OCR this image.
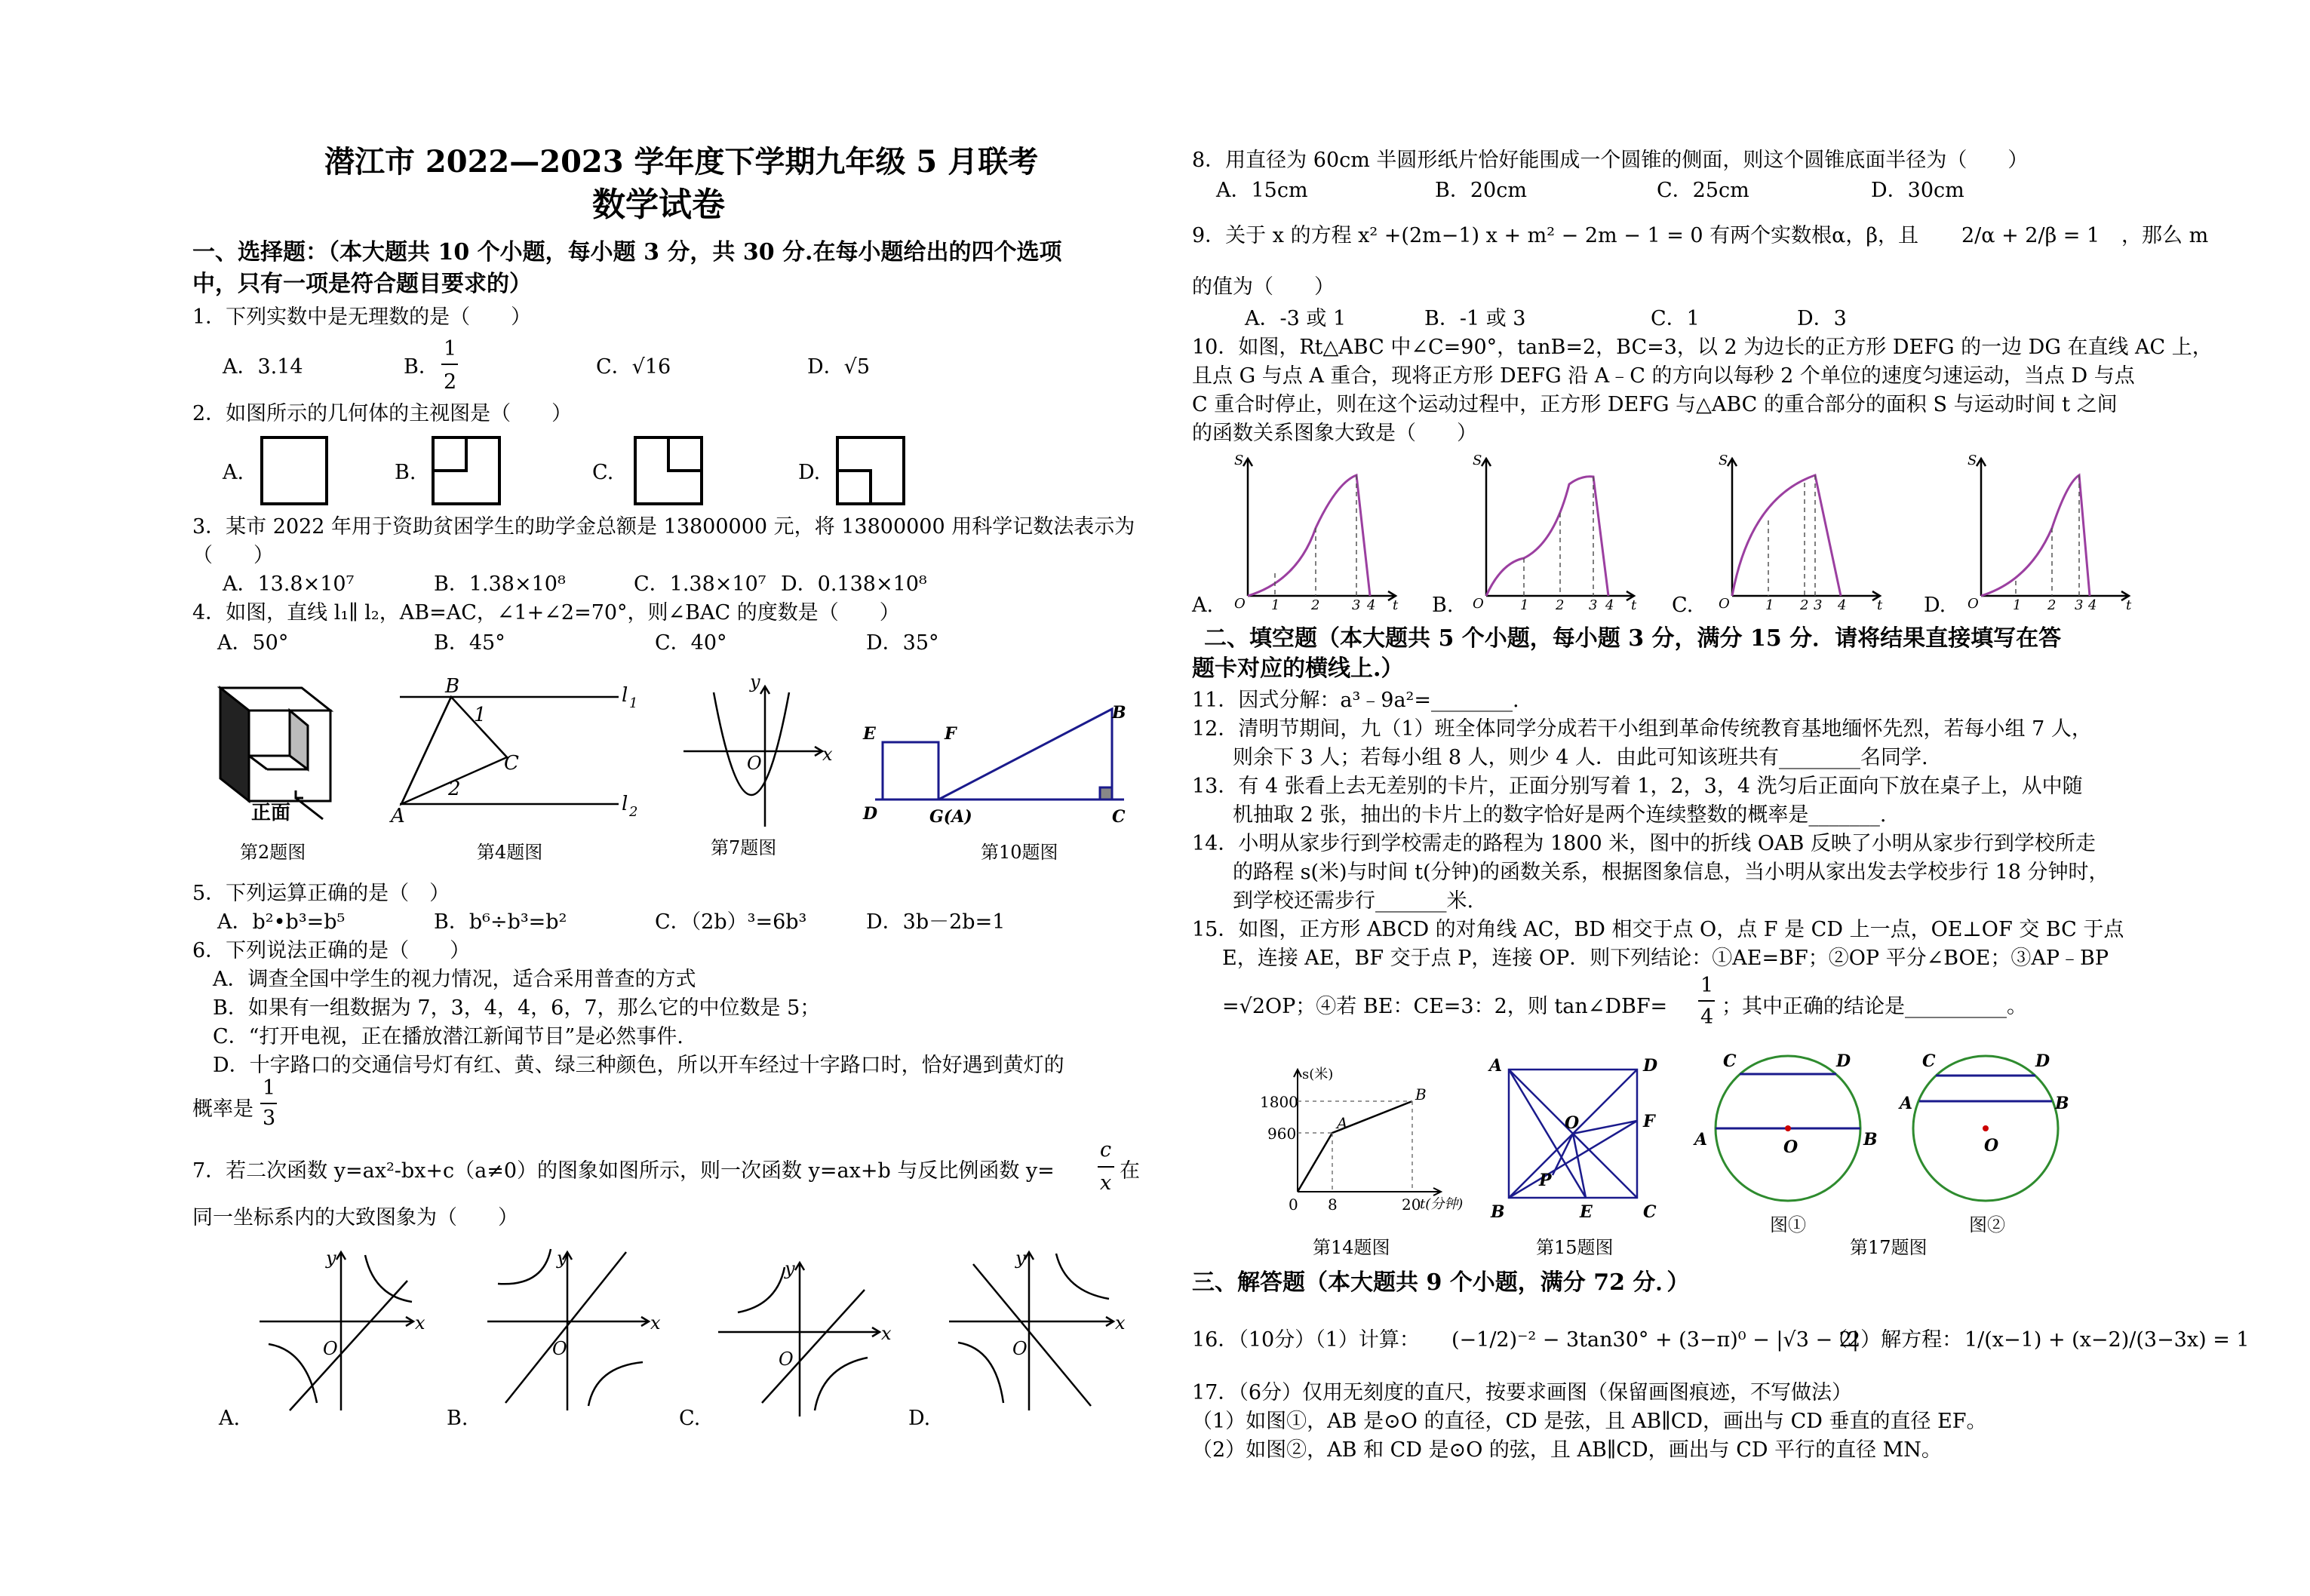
潜江市 2022—2023 学年度下学期九年级 5 月联考
数学试卷
一、选择题：（本大题共 10 个小题，每小题 3 分，共 30 分.在每小题给出的四个选项
中，只有一项是符合题目要求的）
1．下列实数中是无理数的是（　　）
A．3.14	B．
1
2
C．√16	D．√5
2．如图所示的几何体的主视图是（　　）
A.	B.	C.	D.
3．某市 2022 年用于资助贫困学生的助学金总额是 13800000 元，将 13800000 用科学记数法表示为
（　　）
A．13.8×10⁷	B．1.38×10⁸	C．1.38×10⁷ D．0.138×10⁸
4．如图，直线 l₁∥ l₂，AB=AC，∠1+∠2=70°，则∠BAC 的度数是（　　）
A．50°	B．45°	C．40°	D．35°
正面
B
1
C
2
A
l 1
l 2
y
O	x
E	F
B
D	G(A)	C
第2题图	第4题图	第7题图	第10题图
5．下列运算正确的是（　）
A．b²•b³=b⁵	B．b⁶÷b³=b²	C．（2b）³=6b³	D．3b－2b=1
6．下列说法正确的是（　　）
A．调查全国中学生的视力情况，适合采用普查的方式
B．如果有一组数据为 7，3，4，4，6，7，那么它的中位数是 5；
C．“打开电视，正在播放潜江新闻节目”是必然事件.
D．十字路口的交通信号灯有红、黄、绿三种颜色，所以开车经过十字路口时，恰好遇到黄灯的
概率是
1
3
7．若二次函数 y=ax²-bx+c（a≠0）的图象如图所示，则一次函数 y=ax+b 与反比例函数 y=
c
x
在
同一坐标系内的大致图象为（　　）
y
x
O
y
x
O
y
x
O
y
x
O
A.	B.	C.	D.
8．用直径为 60cm 半圆形纸片恰好能围成一个圆锥的侧面，则这个圆锥底面半径为（　　）
A．15cm	B．20cm	C．25cm	D．30cm
9．关于 x 的方程 x² +(2m−1) x + m² − 2m − 1 = 0 有两个实数根α，β，且 2/α + 2/β = 1 ，那么 m
的值为（　　）
A．-3 或 1	B．-1 或 3	C．1	D．3
10．如图，Rt△ABC 中∠C=90°，tanB=2，BC=3，以 2 为边长的正方形 DEFG 的一边 DG 在直线 AC 上，
且点 G 与点 A 重合，现将正方形 DEFG 沿 A﹣C 的方向以每秒 2 个单位的速度匀速运动，当点 D 与点
C 重合时停止，则在这个运动过程中，正方形 DEFG 与△ABC 的重合部分的面积 S 与运动时间 t 之间
的函数关系图象大致是（　　）
S
O 1 2 3 4 t
S
O	1 2 3 4 t
S
O	1 2 3 4 t
S
O	1 2 3 4 t
A.	B.	C.	D.
二、填空题（本大题共 5 个小题，每小题 3 分，满分 15 分．请将结果直接填写在答
题卡对应的横线上.）
11．因式分解：a³﹣9a²=________.
12．清明节期间，九（1）班全体同学分成若干小组到革命传统教育基地缅怀先烈，若每小组 7 人，
则余下 3 人；若每小组 8 人，则少 4 人．由此可知该班共有________名同学.
13．有 4 张看上去无差别的卡片，正面分别写着 1，2，3，4 洗匀后正面向下放在桌子上，从中随
机抽取 2 张，抽出的卡片上的数字恰好是两个连续整数的概率是_______.
14．小明从家步行到学校需走的路程为 1800 米，图中的折线 OAB 反映了小明从家步行到学校所走
的路程 s(米)与时间 t(分钟)的函数关系，根据图象信息，当小明从家出发去学校步行 18 分钟时，
到学校还需步行_______米.
15．如图，正方形 ABCD 的对角线 AC，BD 相交于点 O，点 F 是 CD 上一点，OE⊥OF 交 BC 于点
E，连接 AE，BF 交于点 P，连接 OP．则下列结论：①AE=BF；②OP 平分∠BOE；③AP﹣BP
=√2OP；④若 BE：CE=3：2，则 tan∠DBF=
1
4 ；其中正确的结论是__________。
s(米)
1800
960
0 8	20
t(分钟)
A
B
A	D
O	F
P
B	E	C
C	D
A	B
O
C	D
A	B
O
第14题图	第15题图
图①
第17题图
图②
三、解答题（本大题共 9 个小题，满分 72 分．）
16．（10分）（1）计算： (−1/2)⁻² − 3tan30° + (3−π)⁰ − |√3 − 2|
（2）解方程： 1/(x−1) + (x−2)/(3−3x) = 1
17．（6分）仅用无刻度的直尺，按要求画图（保留画图痕迹，不写做法）
（1）如图①，AB 是⊙O 的直径，CD 是弦，且 AB∥CD，画出与 CD 垂直的直径 EF。
（2）如图②，AB 和 CD 是⊙O 的弦，且 AB∥CD，画出与 CD 平行的直径 MN。
